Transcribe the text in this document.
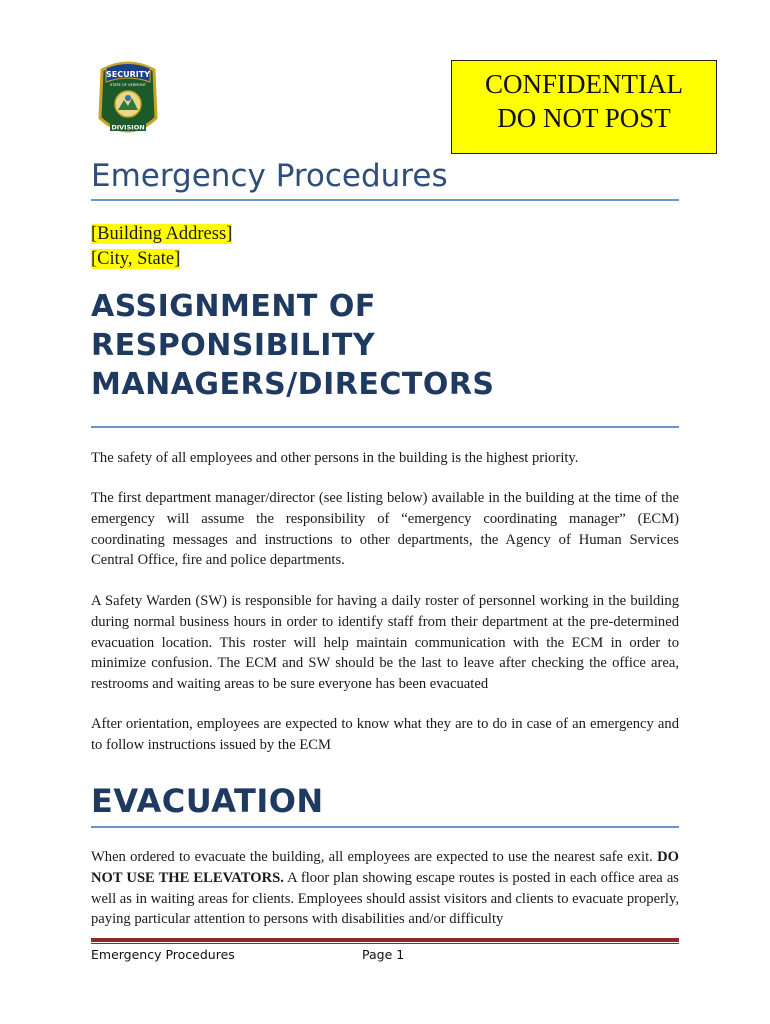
SECURITY
STATE OF VERMONT
DIVISION
CONFIDENTIAL
DO NOT POST
Emergency Procedures
[Building Address]
[City, State]
ASSIGNMENT OF
RESPONSIBILITY
MANAGERS/DIRECTORS

The safety of all employees and other persons in the building is the highest priority.

The first department manager/director (see listing below) available in the building at the time of the emergency will assume the responsibility of “emergency coordinating manager” (ECM) coordinating messages and instructions to other departments, the Agency of Human Services Central Office, fire and police departments.

A Safety Warden (SW) is responsible for having a daily roster of personnel working in the building during normal business hours in order to identify staff from their department at the pre-determined evacuation location. This roster will help maintain communication with the ECM in order to minimize confusion. The ECM and SW should be the last to leave after checking the office area, restrooms and waiting areas to be sure everyone has been evacuated

After orientation, employees are expected to know what they are to do in case of an emergency and to follow instructions issued by the ECM

EVACUATION

When ordered to evacuate the building, all employees are expected to use the nearest safe exit. DO NOT USE THE ELEVATORS. A floor plan showing escape routes is posted in each office area as well as in waiting areas for clients. Employees should assist visitors and clients to evacuate properly, paying particular attention to persons with disabilities and/or difficulty

Emergency Procedures	Page 1
